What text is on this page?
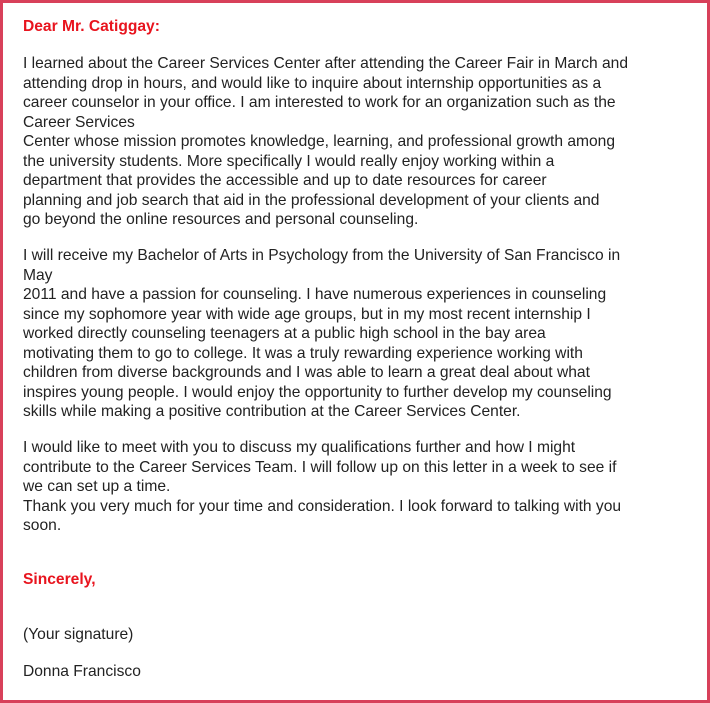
Dear Mr. Catiggay:
I learned about the Career Services Center after attending the Career Fair in March and
attending drop in hours, and would like to inquire about internship opportunities as a
career counselor in your office. I am interested to work for an organization such as the
Career Services
Center whose mission promotes knowledge, learning, and professional growth among
the university students. More specifically I would really enjoy working within a
department that provides the accessible and up to date resources for career
planning and job search that aid in the professional development of your clients and
go beyond the online resources and personal counseling.
I will receive my Bachelor of Arts in Psychology from the University of San Francisco in
May
2011 and have a passion for counseling. I have numerous experiences in counseling
since my sophomore year with wide age groups, but in my most recent internship I
worked directly counseling teenagers at a public high school in the bay area
motivating them to go to college. It was a truly rewarding experience working with
children from diverse backgrounds and I was able to learn a great deal about what
inspires young people. I would enjoy the opportunity to further develop my counseling
skills while making a positive contribution at the Career Services Center.
I would like to meet with you to discuss my qualifications further and how I might
contribute to the Career Services Team. I will follow up on this letter in a week to see if
we can set up a time.
Thank you very much for your time and consideration. I look forward to talking with you
soon.
Sincerely,
(Your signature)
Donna Francisco
